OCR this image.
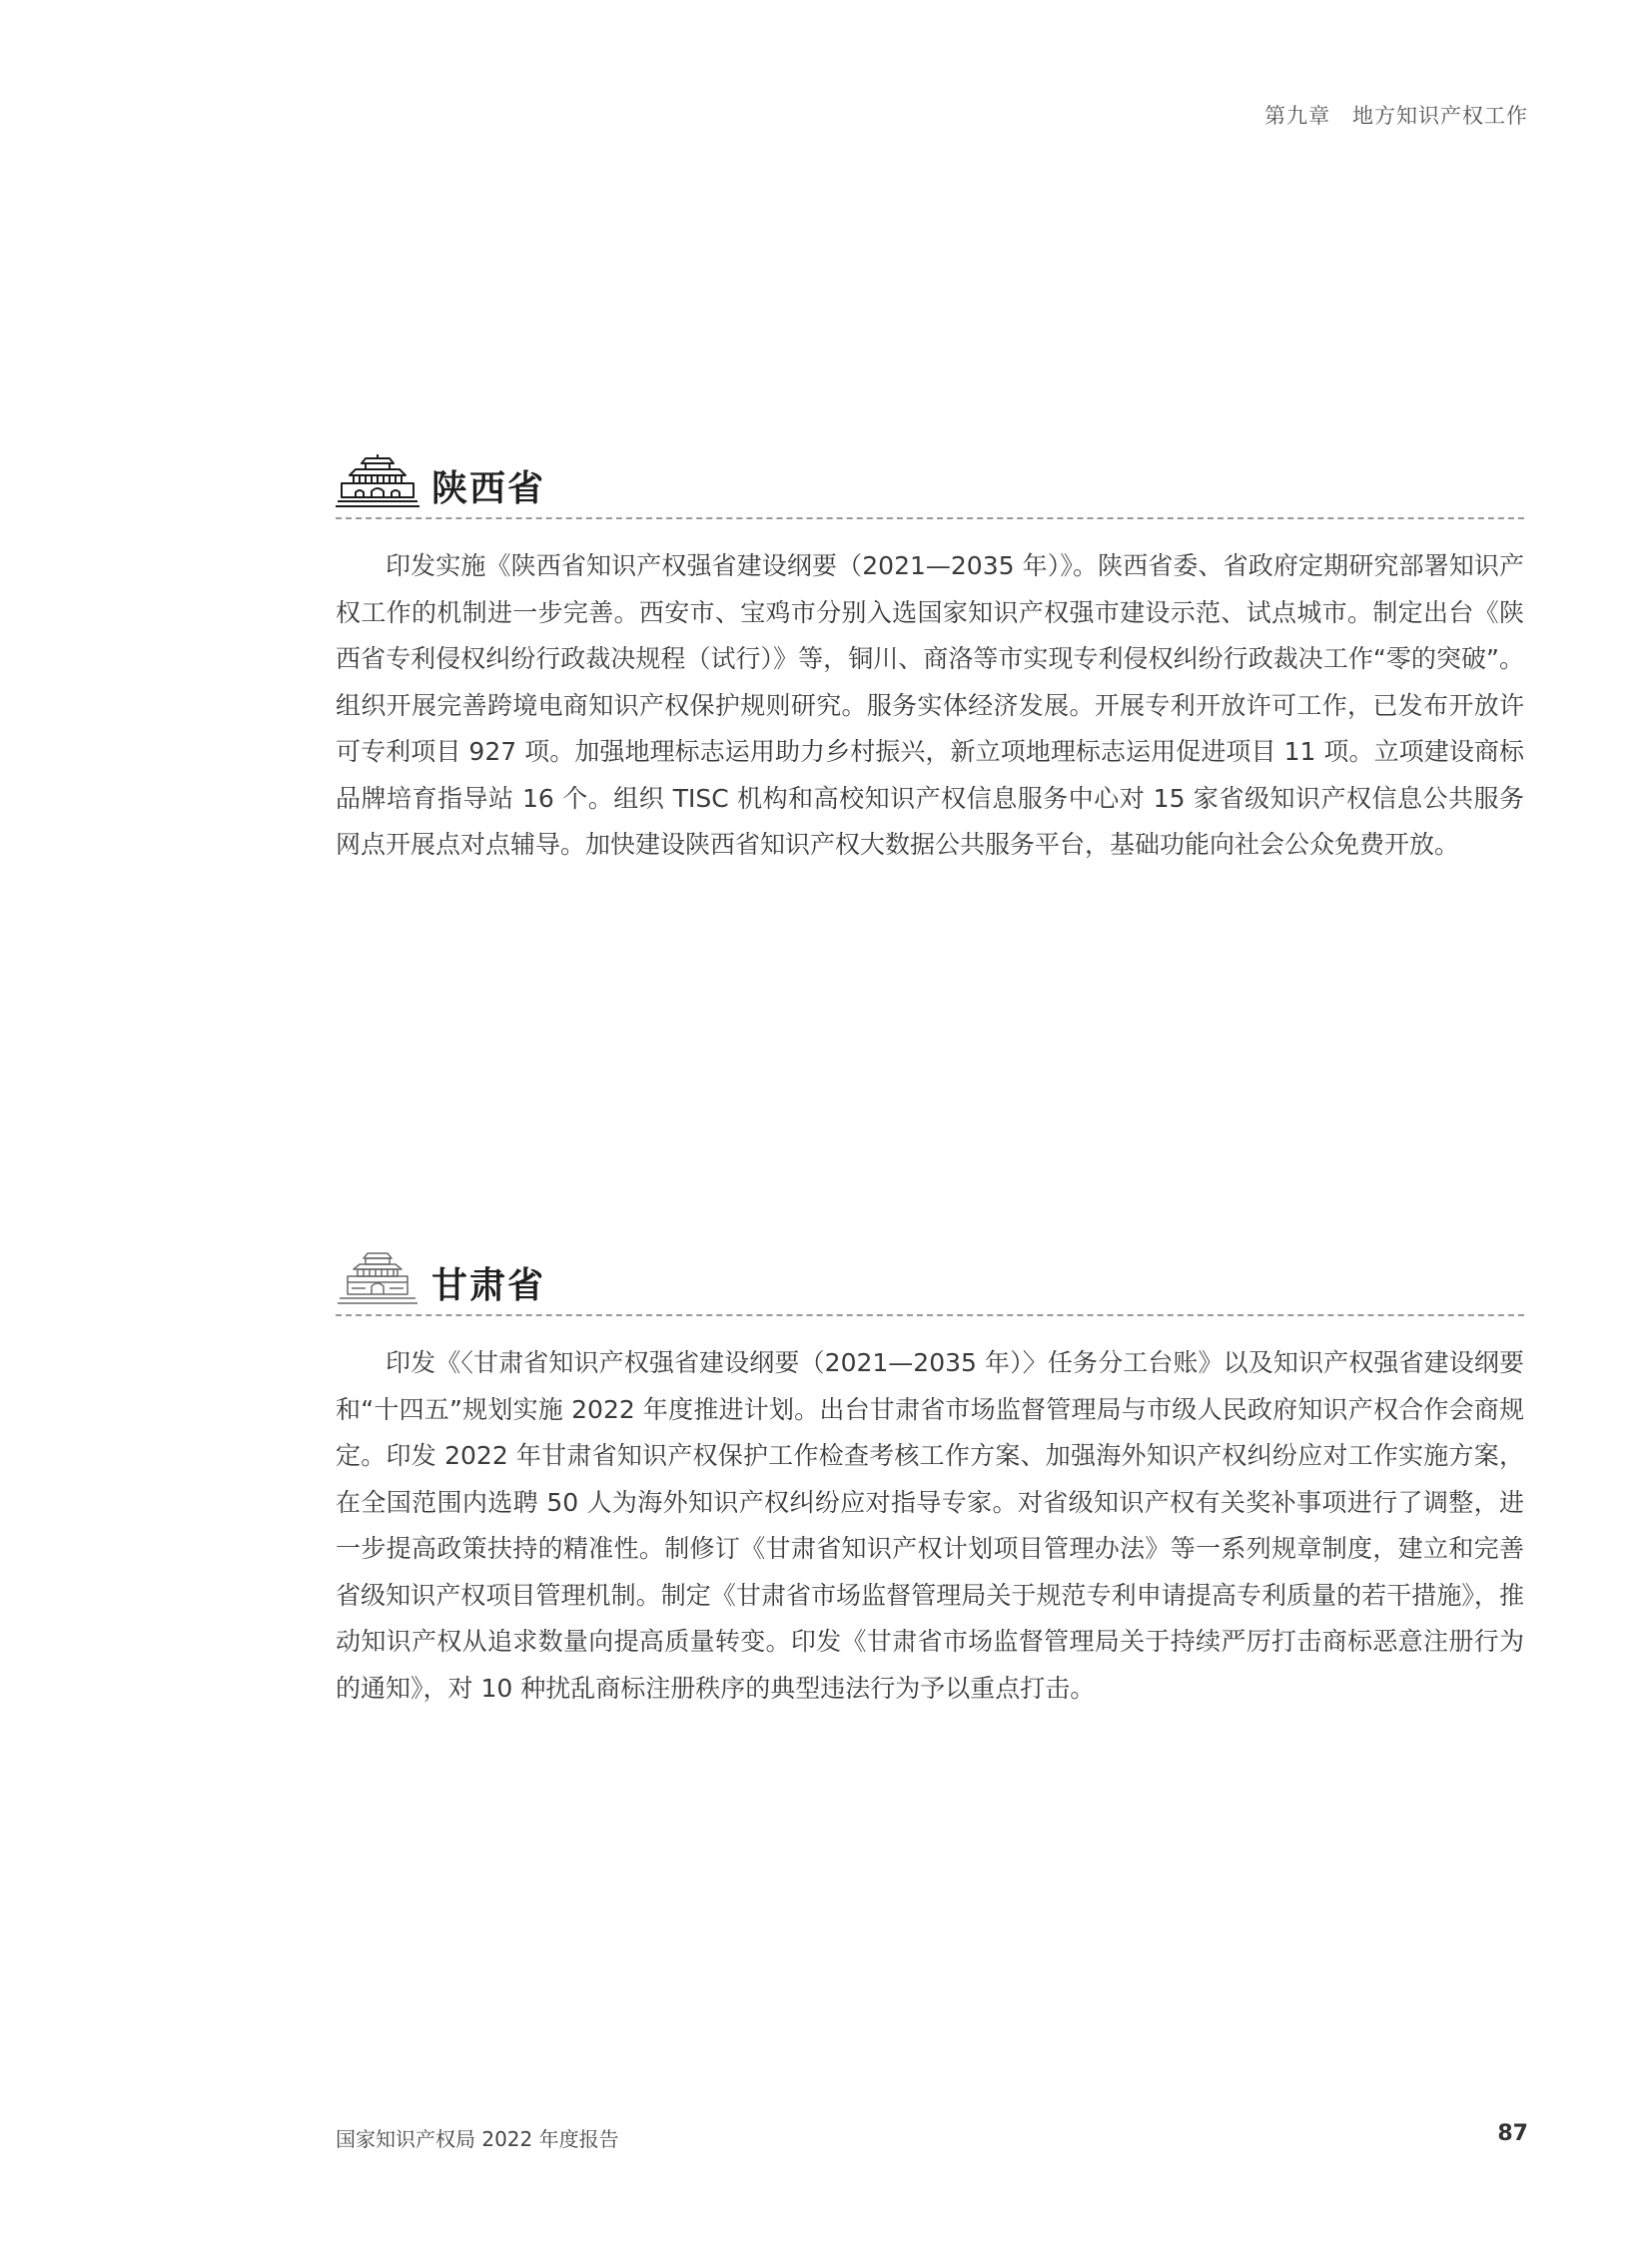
第九章 地方知识产权工作
陕西省

印发实施《陕西省知识产权强省建设纲要（2021—2035 年）》。陕西省委、省政府定期研究部署知识产权工作的机制进一步完善。西安市、宝鸡市分别入选国家知识产权强市建设示范、试点城市。制定出台《陕西省专利侵权纠纷行政裁决规程（试行）》等，铜川、商洛等市实现专利侵权纠纷行政裁决工作“零的突破”。组织开展完善跨境电商知识产权保护规则研究。服务实体经济发展。开展专利开放许可工作，已发布开放许可专利项目 927 项。加强地理标志运用助力乡村振兴，新立项地理标志运用促进项目 11 项。立项建设商标品牌培育指导站 16 个。组织 TISC 机构和高校知识产权信息服务中心对 15 家省级知识产权信息公共服务网点开展点对点辅导。加快建设陕西省知识产权大数据公共服务平台，基础功能向社会公众免费开放。

甘肃省

印发《〈甘肃省知识产权强省建设纲要（2021—2035 年）〉任务分工台账》以及知识产权强省建设纲要和“十四五”规划实施 2022 年度推进计划。出台甘肃省市场监督管理局与市级人民政府知识产权合作会商规定。印发 2022 年甘肃省知识产权保护工作检查考核工作方案、加强海外知识产权纠纷应对工作实施方案，在全国范围内选聘 50 人为海外知识产权纠纷应对指导专家。对省级知识产权有关奖补事项进行了调整，进一步提高政策扶持的精准性。制修订《甘肃省知识产权计划项目管理办法》等一系列规章制度，建立和完善省级知识产权项目管理机制。制定《甘肃省市场监督管理局关于规范专利申请提高专利质量的若干措施》，推动知识产权从追求数量向提高质量转变。印发《甘肃省市场监督管理局关于持续严厉打击商标恶意注册行为的通知》，对 10 种扰乱商标注册秩序的典型违法行为予以重点打击。

国家知识产权局 2022 年度报告	87
